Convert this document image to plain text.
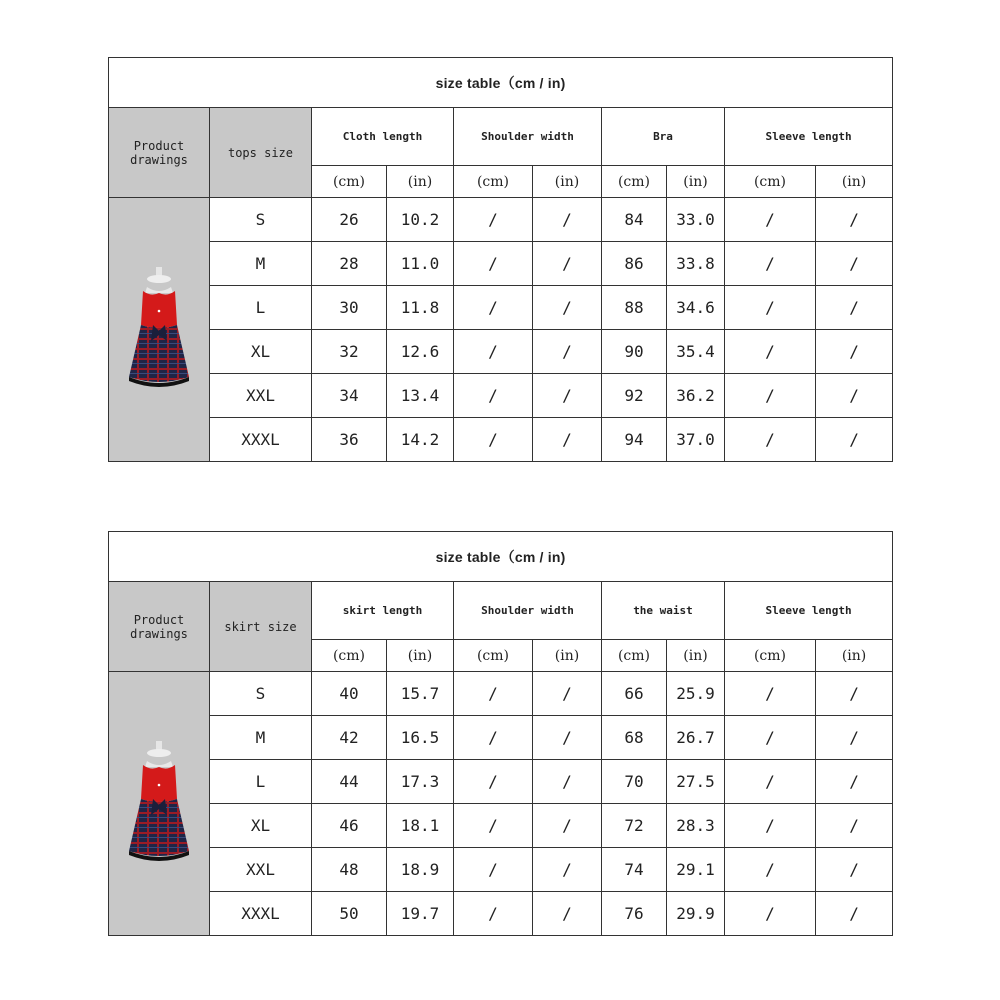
size table（cm / in)									
Product
drawings	tops size	Cloth length		Shoulder width		Bra		Sleeve length	
		(cm)	(in)	(cm)	(in)	(cm)	(in)	(cm)	(in)

	S	26	10.2	/	/	84	33.0	/	/
	M	28	11.0	/	/	86	33.8	/	/
	L	30	11.8	/	/	88	34.6	/	/
	XL	32	12.6	/	/	90	35.4	/	/
	XXL	34	13.4	/	/	92	36.2	/	/
	XXXL	36	14.2	/	/	94	37.0	/	/
size table（cm / in)									
Product
drawings	skirt size	skirt length		Shoulder width		the waist		Sleeve length	
		(cm)	(in)	(cm)	(in)	(cm)	(in)	(cm)	(in)

	S	40	15.7	/	/	66	25.9	/	/
	M	42	16.5	/	/	68	26.7	/	/
	L	44	17.3	/	/	70	27.5	/	/
	XL	46	18.1	/	/	72	28.3	/	/
	XXL	48	18.9	/	/	74	29.1	/	/
	XXXL	50	19.7	/	/	76	29.9	/	/
